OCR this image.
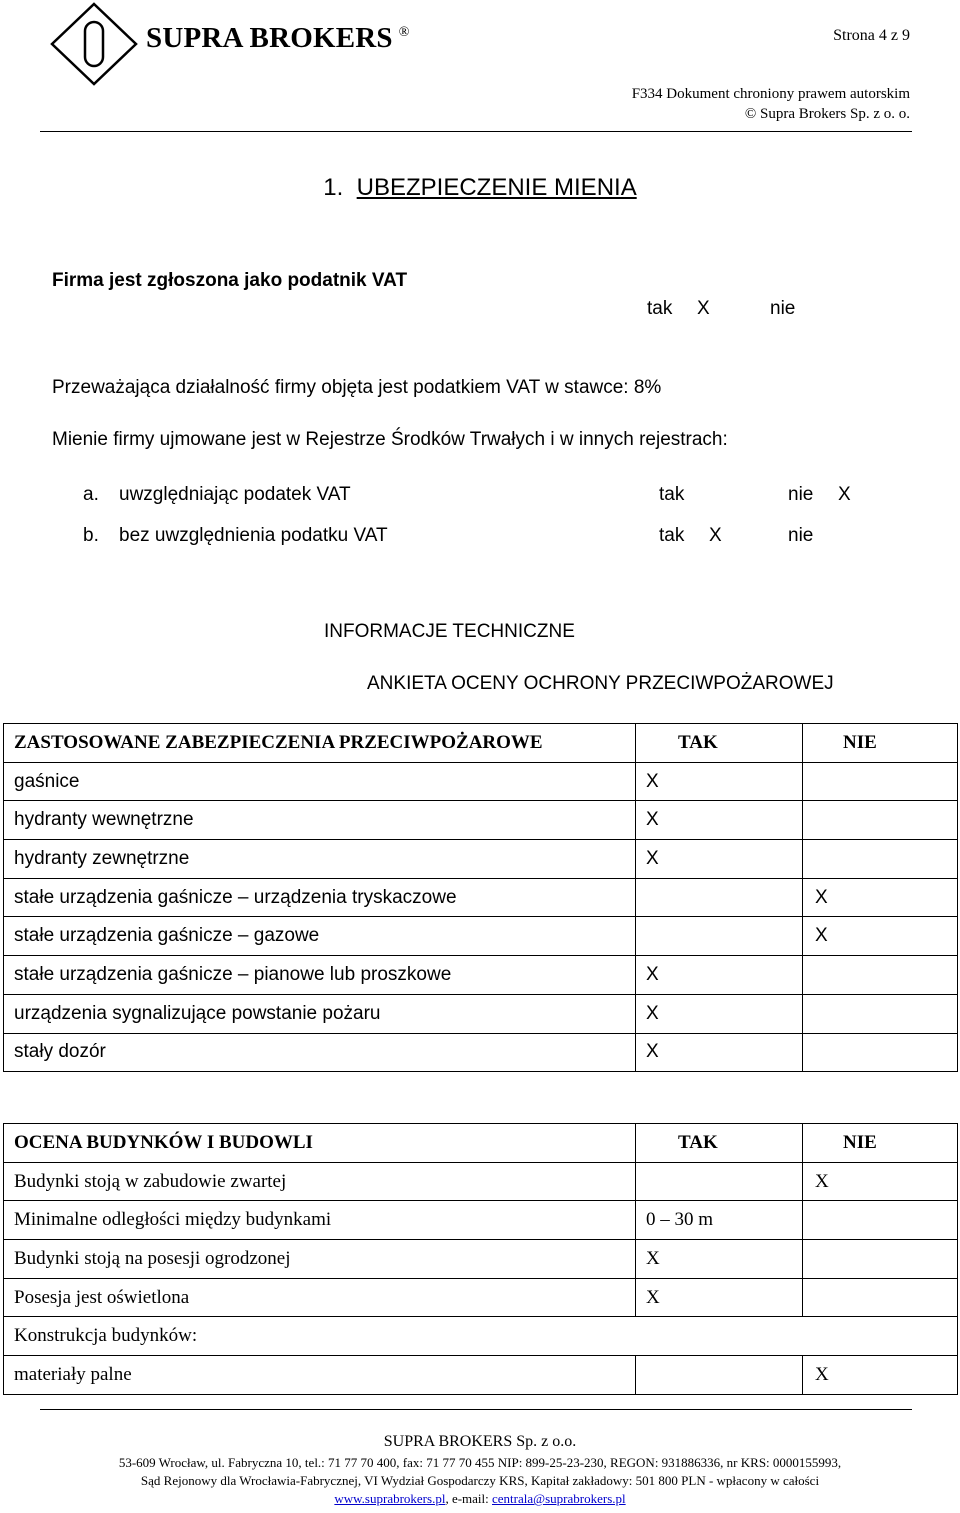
SUPRA BROKERS ®	Strona 4 z 9
F334 Dokument chroniony prawem autorskim
© Supra Brokers Sp. z o. o.
1. UBEZPIECZENIE MIENIA
Firma jest zgłoszona jako podatnik VAT
tak X	nie
Przeważająca działalność firmy objęta jest podatkiem VAT w stawce: 8%
Mienie firmy ujmowane jest w Rejestrze Środków Trwałych i w innych rejestrach:
a. uwzględniając podatek VAT	tak	nie X
b. bez uwzględnienia podatku VAT	tak X	nie
INFORMACJE TECHNICZNE
ANKIETA OCENY OCHRONY PRZECIWPOŻAROWEJ
ZASTOSOWANE ZABEZPIECZENIA PRZECIWPOŻAROWE	TAK	NIE
gaśnice	X	
hydranty wewnętrzne	X	
hydranty zewnętrzne	X	
stałe urządzenia gaśnicze – urządzenia tryskaczowe		X
stałe urządzenia gaśnicze – gazowe		X
stałe urządzenia gaśnicze – pianowe lub proszkowe	X	
urządzenia sygnalizujące powstanie pożaru	X	
stały dozór	X	
OCENA BUDYNKÓW I BUDOWLI	TAK	NIE
Budynki stoją w zabudowie zwartej		X
Minimalne odległości między budynkami	0 – 30 m	
Budynki stoją na posesji ogrodzonej	X	
Posesja jest oświetlona	X	
Konstrukcja budynków:		
materiały palne		X
SUPRA BROKERS Sp. z o.o.
53-609 Wrocław, ul. Fabryczna 10, tel.: 71 77 70 400, fax: 71 77 70 455 NIP: 899-25-23-230, REGON: 931886336, nr KRS: 0000155993,
Sąd Rejonowy dla Wrocławia-Fabrycznej, VI Wydział Gospodarczy KRS, Kapitał zakładowy: 501 800 PLN - wpłacony w całości
www.suprabrokers.pl, e-mail: centrala@suprabrokers.pl
